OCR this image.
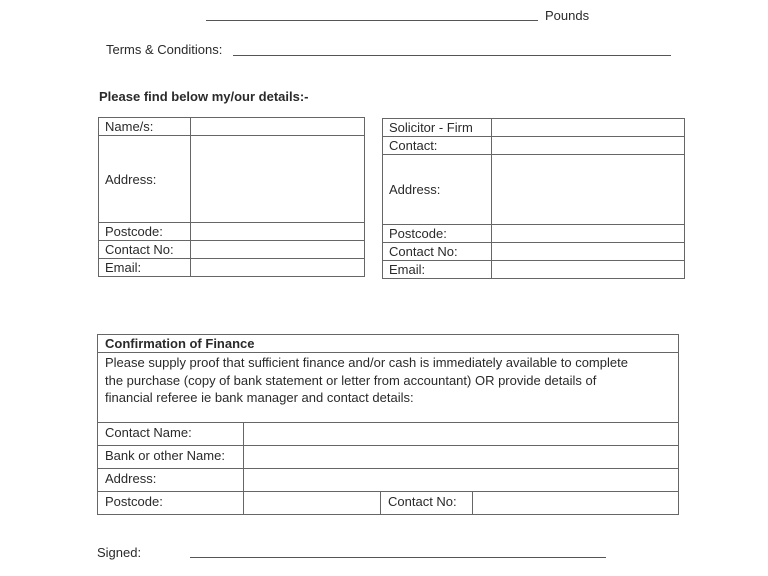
Pounds
Terms & Conditions:
Please find below my/our details:-
Name/s:	
Address:	
Postcode:	
Contact No:	
Email:	
Solicitor - Firm	
Contact:	
Address:	
Postcode:	
Contact No:	
Email:	
Confirmation of Finance
Please supply proof that sufficient finance and/or cash is immediately available to complete
the purchase (copy of bank statement or letter from accountant) OR provide details of
financial referee ie bank manager and contact details:
Contact Name:
Bank or other Name:
Address:
Postcode:	Contact No:
Signed:
